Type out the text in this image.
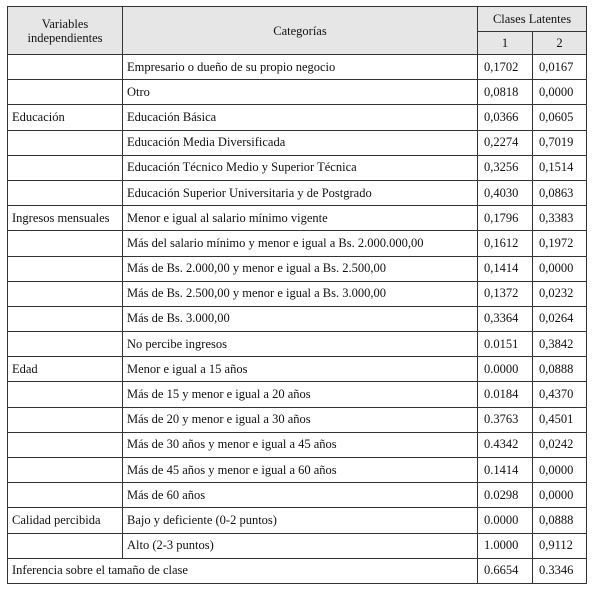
Variables independientes	Categorías	Clases Latentes	
		1	2
	Empresario o dueño de su propio negocio	0,1702	0,0167
	Otro	0,0818	0,0000
Educación	Educación Básica	0,0366	0,0605
	Educación Media Diversificada	0,2274	0,7019
	Educación Técnico Medio y Superior Técnica	0,3256	0,1514
	Educación Superior Universitaria y de Postgrado	0,4030	0,0863
Ingresos mensuales	Menor e igual al salario mínimo vigente	0,1796	0,3383
	Más del salario mínimo y menor e igual a Bs. 2.000.000,00	0,1612	0,1972
	Más de Bs. 2.000,00 y menor e igual a Bs. 2.500,00	0,1414	0,0000
	Más de Bs. 2.500,00 y menor e igual a Bs. 3.000,00	0,1372	0,0232
	Más de Bs. 3.000,00	0,3364	0,0264
	No percibe ingresos	0.0151	0,3842
Edad	Menor e igual a 15 años	0.0000	0,0888
	Más de 15 y menor e igual a 20 años	0.0184	0,4370
	Más de 20 y menor e igual a 30 años	0.3763	0,4501
	Más de 30 años y menor e igual a 45 años	0.4342	0,0242
	Más de 45 años y menor e igual a 60 años	0.1414	0,0000
	Más de 60 años	0.0298	0,0000
Calidad percibida	Bajo y deficiente (0-2 puntos)	0.0000	0,0888
	Alto (2-3 puntos)	1.0000	0,9112
Inferencia sobre el tamaño de clase		0.6654	0.3346
